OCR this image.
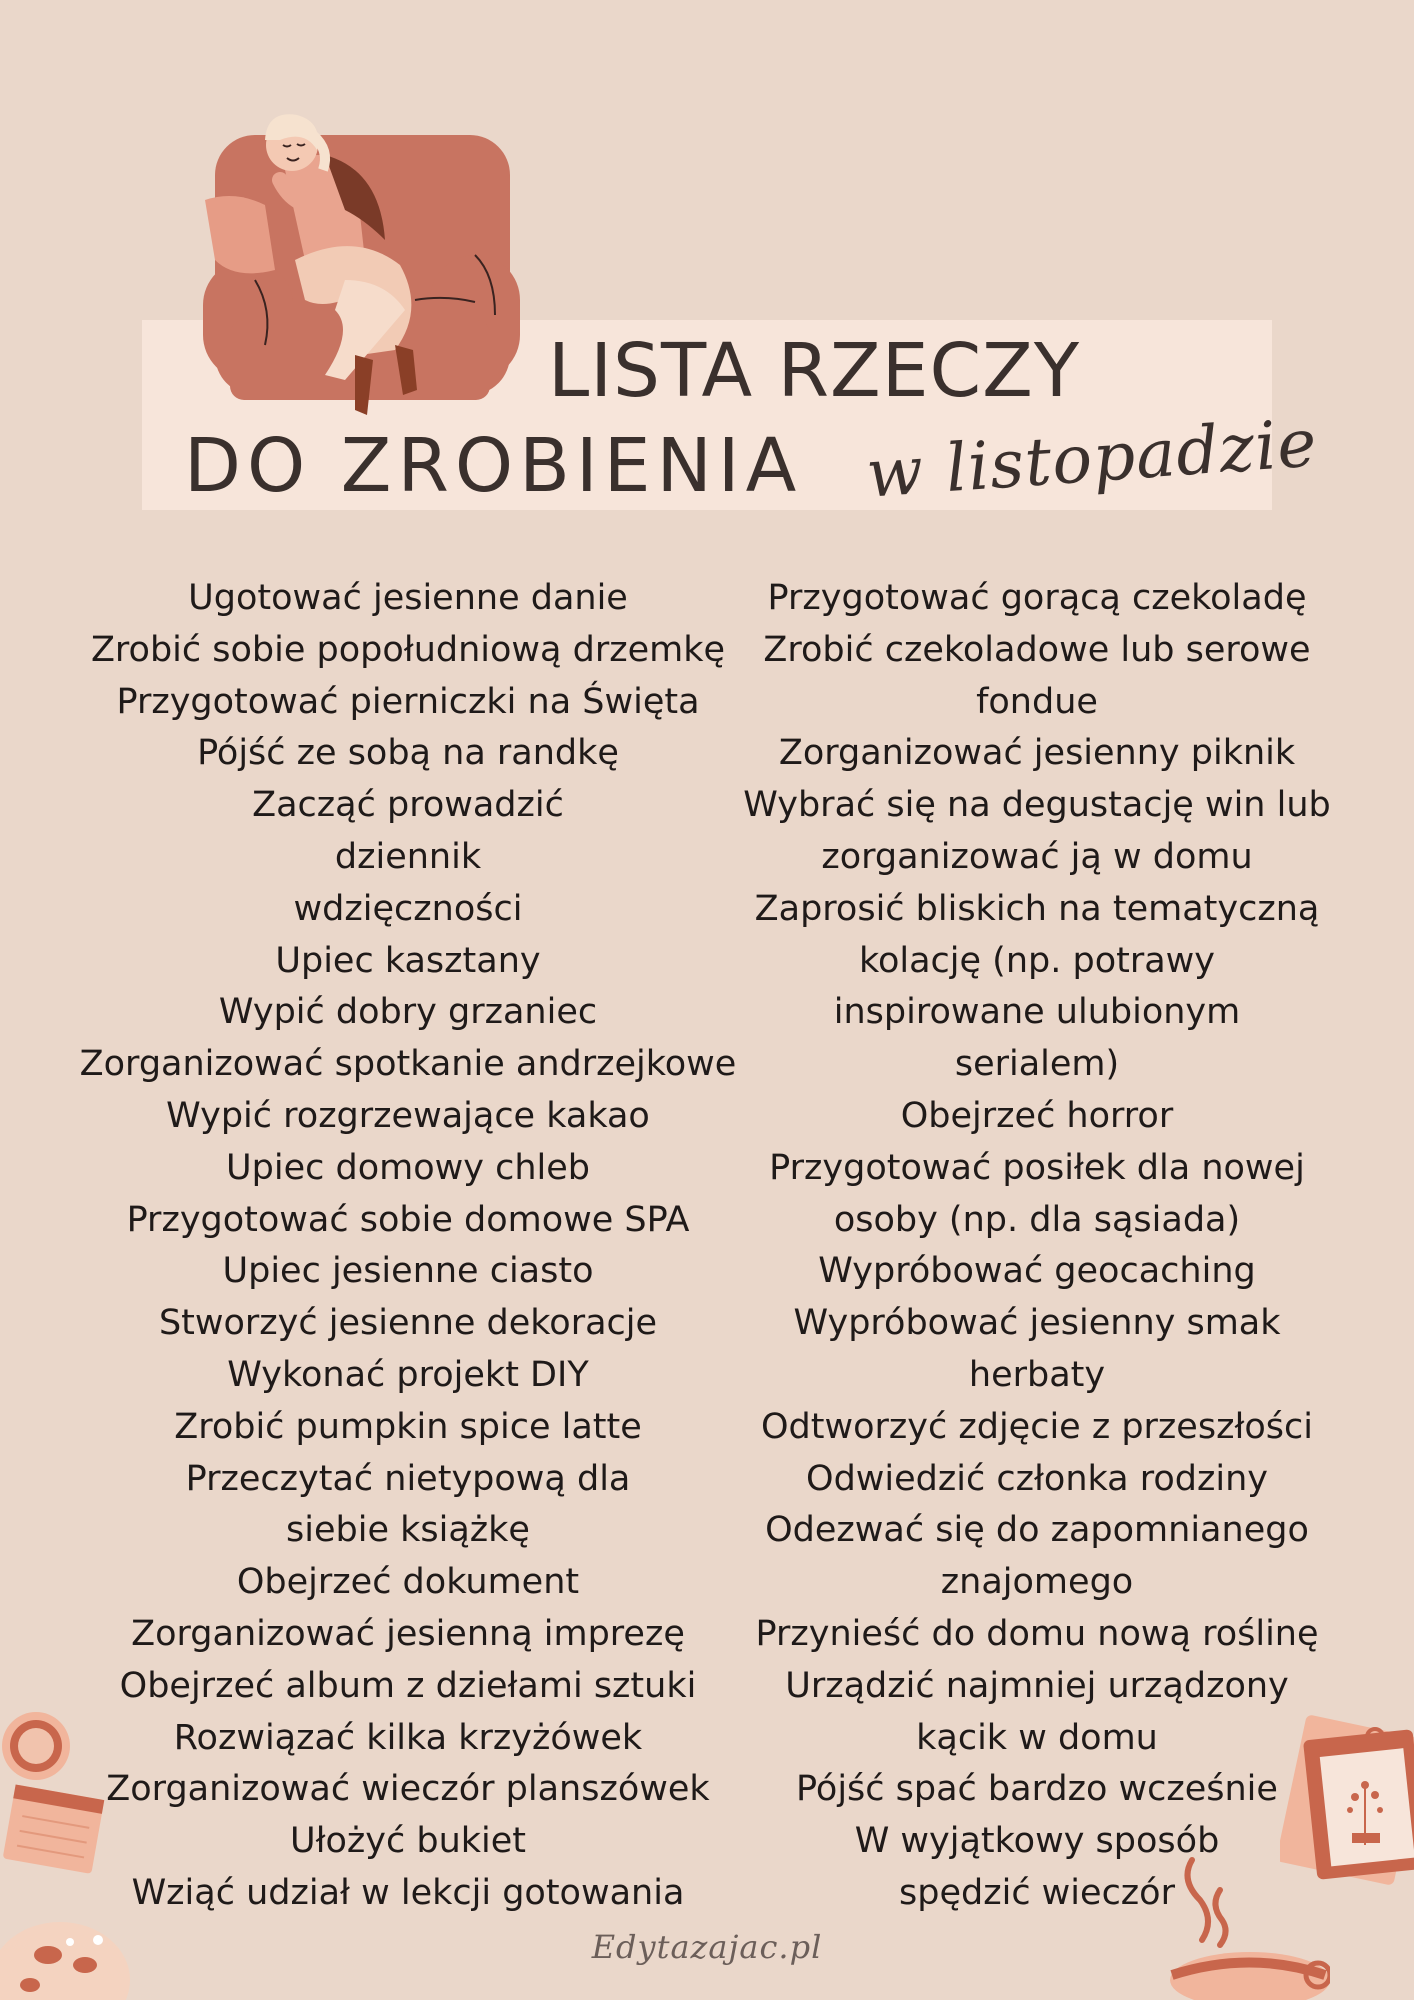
LISTA RZECZY
DO ZROBIENIA w listopadzie
Ugotować jesienne danie
Zrobić sobie popołudniową drzemkę
Przygotować pierniczki na Święta
Pójść ze sobą na randkę
Zacząć prowadzić dziennik wdzięczności
Upiec kasztany
Wypić dobry grzaniec
Zorganizować spotkanie andrzejkowe
Wypić rozgrzewające kakao
Upiec domowy chleb
Przygotować sobie domowe SPA
Upiec jesienne ciasto
Stworzyć jesienne dekoracje
Wykonać projekt DIY
Zrobić pumpkin spice latte
Przeczytać nietypową dla siebie książkę
Obejrzeć dokument
Zorganizować jesienną imprezę
Obejrzeć album z dziełami sztuki
Rozwiązać kilka krzyżówek
Zorganizować wieczór planszówek
Ułożyć bukiet
Wziąć udział w lekcji gotowania
Przygotować gorącą czekoladę
Zrobić czekoladowe lub serowe fondue
Zorganizować jesienny piknik
Wybrać się na degustację win lub zorganizować ją w domu
Zaprosić bliskich na tematyczną kolację (np. potrawy inspirowane ulubionym serialem)
Obejrzeć horror
Przygotować posiłek dla nowej osoby (np. dla sąsiada)
Wypróbować geocaching
Wypróbować jesienny smak herbaty
Odtworzyć zdjęcie z przeszłości
Odwiedzić członka rodziny
Odezwać się do zapomnianego znajomego
Przynieść do domu nową roślinę
Urządzić najmniej urządzony kącik w domu
Pójść spać bardzo wcześnie
W wyjątkowy sposób spędzić wieczór
Edytazajac.pl
